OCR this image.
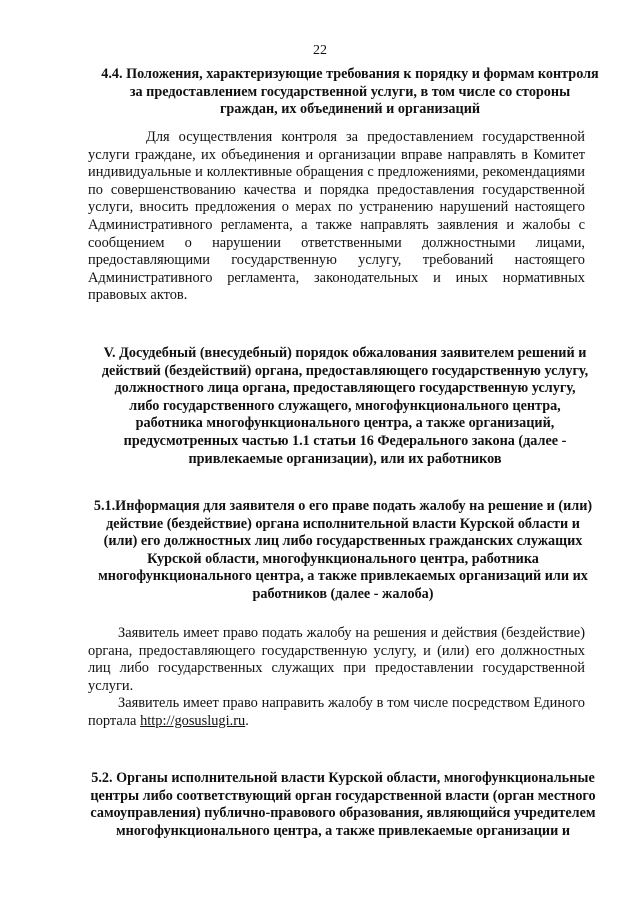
22
4.4. Положения, характеризующие требования к порядку и формам контроля за предоставлением государственной услуги, в том числе со стороны граждан, их объединений и организаций

Для осуществления контроля за предоставлением государственной услуги граждане, их объединения и организации вправе направлять в Комитет индивидуальные и коллективные обращения с предложениями, рекомендациями по совершенствованию качества и порядка предоставления государственной услуги, вносить предложения о мерах по устранению нарушений настоящего Административного регламента, а также направлять заявления и жалобы с сообщением о нарушении ответственными должностными лицами, предоставляющими государственную услугу, требований настоящего Административного регламента, законодательных и иных нормативных правовых актов.

V. Досудебный (внесудебный) порядок обжалования заявителем решений и действий (бездействий) органа, предоставляющего государственную услугу, должностного лица органа, предоставляющего государственную услугу, либо государственного служащего, многофункционального центра, работника многофункционального центра, а также организаций, предусмотренных частью 1.1 статьи 16 Федерального закона (далее - привлекаемые организации), или их работников
5.1.Информация для заявителя о его праве подать жалобу на решение и (или) действие (бездействие) органа исполнительной власти Курской области и (или) его должностных лиц либо государственных гражданских служащих Курской области, многофункционального центра, работника многофункционального центра, а также привлекаемых организаций или их работников (далее - жалоба)

Заявитель имеет право подать жалобу на решения и действия (бездействие) органа, предоставляющего государственную услугу, и (или) его должностных лиц либо государственных служащих при предоставлении государственной услуги.

Заявитель имеет право направить жалобу в том числе посредством Единого портала http://gosuslugi.ru.

5.2. Органы исполнительной власти Курской области, многофункциональные центры либо соответствующий орган государственной власти (орган местного самоуправления) публично-правового образования, являющийся учредителем многофункционального центра, а также привлекаемые организации и
